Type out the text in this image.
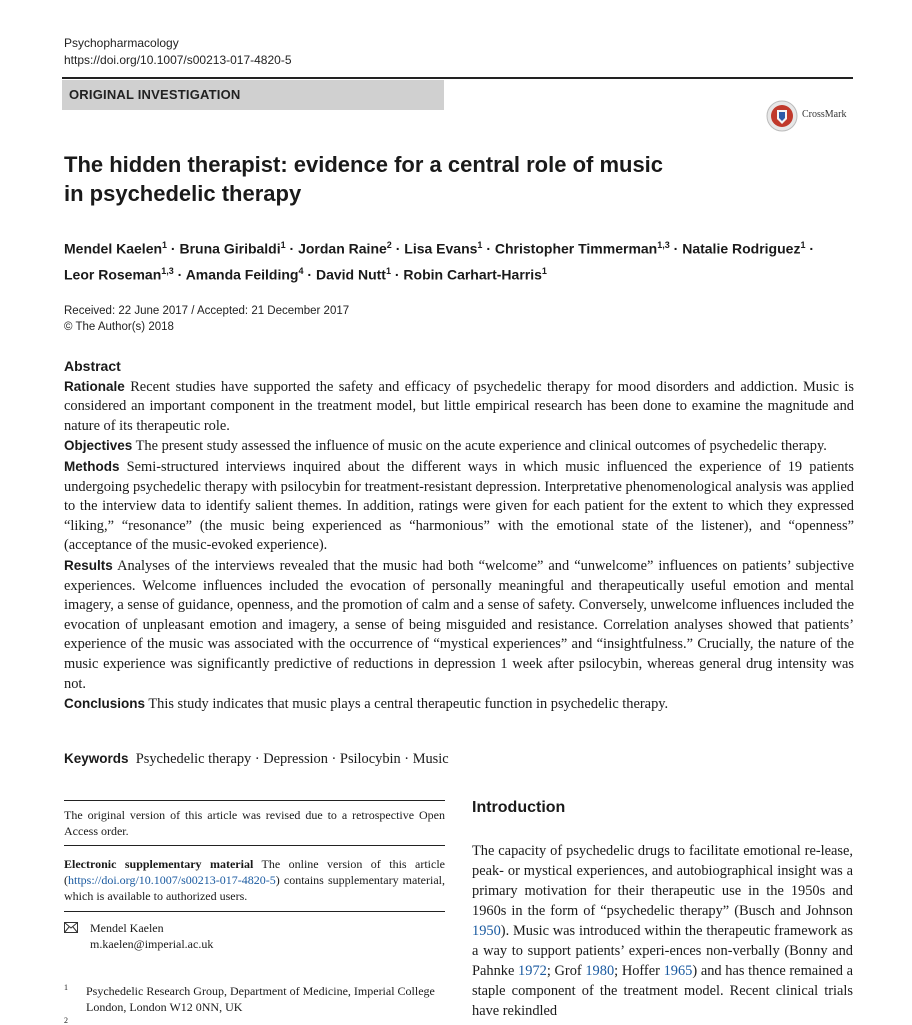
Psychopharmacology
https://doi.org/10.1007/s00213-017-4820-5
ORIGINAL INVESTIGATION
CrossMark
The hidden therapist: evidence for a central role of music
in psychedelic therapy
Mendel Kaelen$^1$ · Bruna Giribaldi$^1$ · Jordan Raine$^2$ · Lisa Evans$^1$ · Christopher Timmerman$^{1,3}$ · Natalie Rodriguez$^1$ ·
Leor Roseman$^{1,3}$ · Amanda Feilding$^4$ · David Nutt$^1$ · Robin Carhart-Harris$^1$
Received: 22 June 2017 / Accepted: 21 December 2017
© The Author(s) 2018
Abstract

Rationale Recent studies have supported the safety and efficacy of psychedelic therapy for mood disorders and addiction. Music is considered an important component in the treatment model, but little empirical research has been done to examine the magnitude and nature of its therapeutic role.

Objectives The present study assessed the influence of music on the acute experience and clinical outcomes of psychedelic therapy.

Methods Semi-structured interviews inquired about the different ways in which music influenced the experience of 19 patients undergoing psychedelic therapy with psilocybin for treatment-resistant depression. Interpretative phenomenological analysis was applied to the interview data to identify salient themes. In addition, ratings were given for each patient for the extent to which they expressed “liking,” “resonance” (the music being experienced as “harmonious” with the emotional state of the listener), and “openness” (acceptance of the music-evoked experience).

Results Analyses of the interviews revealed that the music had both “welcome” and “unwelcome” influences on patients’ subjective experiences. Welcome influences included the evocation of personally meaningful and therapeutically useful emotion and mental imagery, a sense of guidance, openness, and the promotion of calm and a sense of safety. Conversely, unwelcome influences included the evocation of unpleasant emotion and imagery, a sense of being misguided and resistance. Correlation analyses showed that patients’ experience of the music was associated with the occurrence of “mystical experiences” and “insightfulness.” Crucially, the nature of the music experience was significantly predictive of reductions in depression 1 week after psilocybin, whereas general drug intensity was not.

Conclusions This study indicates that music plays a central therapeutic function in psychedelic therapy.

Keywords Psychedelic therapy · Depression · Psilocybin · Music
The original version of this article was revised due to a retrospective Open Access order.
Electronic supplementary material The online version of this article (https://doi.org/10.1007/s00213-017-4820-5) contains supplementary material, which is available to authorized users.
Mendel Kaelen
m.kaelen@imperial.ac.uk
1 Psychedelic Research Group, Department of Medicine, Imperial College London, London W12 0NN, UK
2
Introduction
The capacity of psychedelic drugs to facilitate emotional re-lease, peak- or mystical experiences, and autobiographical insight was a primary motivation for their therapeutic use in the 1950s and 1960s in the form of “psychedelic therapy” (Busch and Johnson 1950). Music was introduced within the therapeutic framework as a way to support patients’ experi-ences non-verbally (Bonny and Pahnke 1972; Grof 1980; Hoffer 1965) and has thence remained a staple component of the treatment model. Recent clinical trials have rekindled
